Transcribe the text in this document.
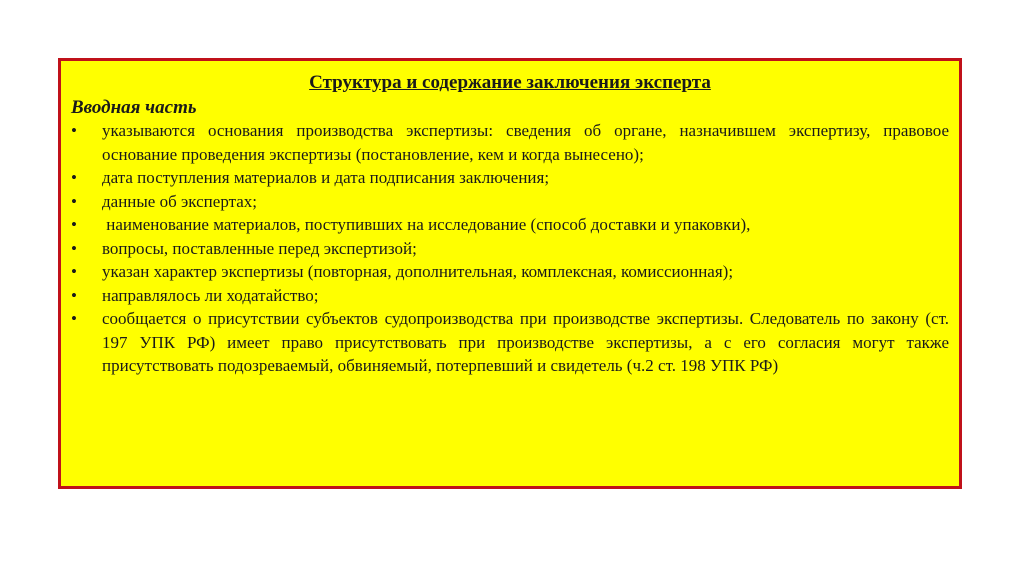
Структура и содержание заключения эксперта
Вводная часть
• указываются основания производства экспертизы: сведения об органе, назначившем экспертизу, правовое основание проведения экспертизы (постановление, кем и когда вынесено);
• дата поступления материалов и дата подписания заключения;
• данные об экспертах;
• наименование материалов, поступивших на исследование (способ доставки и упаковки),
• вопросы, поставленные перед экспертизой;
• указан характер экспертизы (повторная, дополнительная, комплексная, комиссионная);
• направлялось ли ходатайство;
• сообщается о присутствии субъектов судопроизводства при производстве экспертизы. Следователь по закону (ст. 197 УПК РФ) имеет право присутствовать при производстве экспертизы, а с его согласия могут также присутствовать подозреваемый, обвиняемый, потерпевший и свидетель (ч.2 ст. 198 УПК РФ)
